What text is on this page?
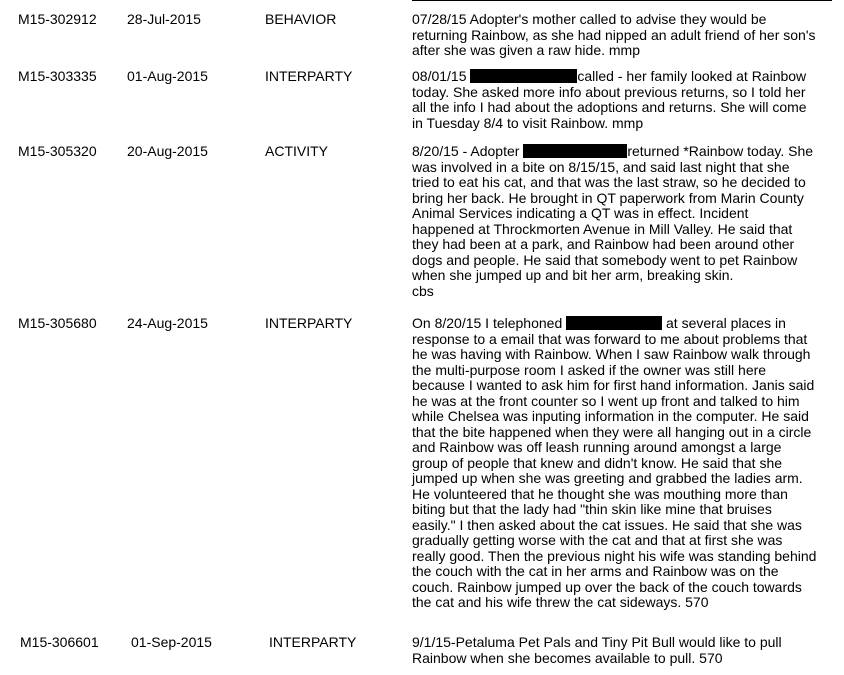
M15-302912 28-Jul-2015	BEHAVIOR	07/28/15 Adopter's mother called to advise they would be
returning Rainbow, as she had nipped an adult friend of her son's
after she was given a raw hide. mmp
M15-303335 01-Aug-2015	INTERPARTY	08/01/15	called - her family looked at Rainbow
today. She asked more info about previous returns, so I told her
all the info I had about the adoptions and returns. She will come
in Tuesday 8/4 to visit Rainbow. mmp
M15-305320 20-Aug-2015	ACTIVITY	8/20/15 - Adopter	returned *Rainbow today. She
was involved in a bite on 8/15/15, and said last night that she
tried to eat his cat, and that was the last straw, so he decided to
bring her back. He brought in QT paperwork from Marin County
Animal Services indicating a QT was in effect. Incident
happened at Throckmorten Avenue in Mill Valley. He said that
they had been at a park, and Rainbow had been around other
dogs and people. He said that somebody went to pet Rainbow
when she jumped up and bit her arm, breaking skin.
cbs
M15-305680 24-Aug-2015	INTERPARTY	On 8/20/15 I telephoned	at several places in
response to a email that was forward to me about problems that
he was having with Rainbow. When I saw Rainbow walk through
the multi-purpose room I asked if the owner was still here
because I wanted to ask him for first hand information. Janis said
he was at the front counter so I went up front and talked to him
while Chelsea was inputing information in the computer. He said
that the bite happened when they were all hanging out in a circle
and Rainbow was off leash running around amongst a large
group of people that knew and didn't know. He said that she
jumped up when she was greeting and grabbed the ladies arm.
He volunteered that he thought she was mouthing more than
biting but that the lady had "thin skin like mine that bruises
easily." I then asked about the cat issues. He said that she was
gradually getting worse with the cat and that at first she was
really good. Then the previous night his wife was standing behind
the couch with the cat in her arms and Rainbow was on the
couch. Rainbow jumped up over the back of the couch towards
the cat and his wife threw the cat sideways. 570
M15-306601 01-Sep-2015	INTERPARTY	9/1/15-Petaluma Pet Pals and Tiny Pit Bull would like to pull
Rainbow when she becomes available to pull. 570
